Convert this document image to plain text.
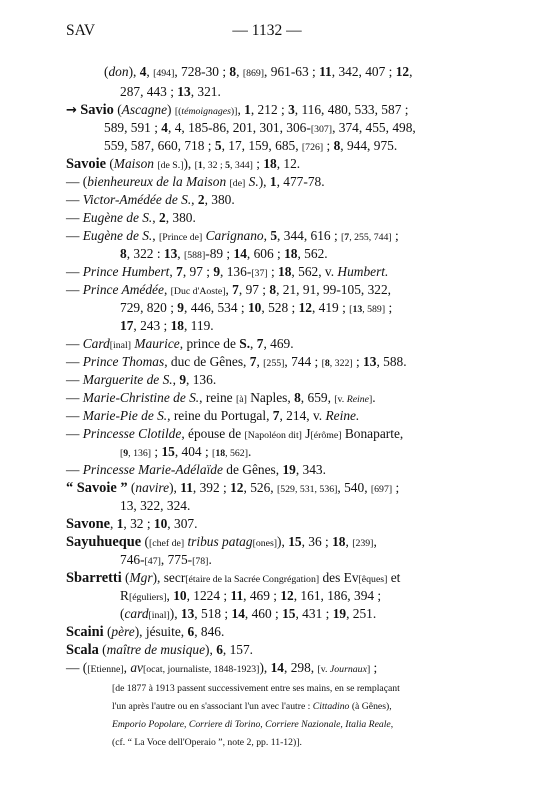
SAV	— 1132 —
(don), 4, [494], 728-30 ; 8, [869], 961-63 ; 11, 342, 407 ; 12,
287, 443 ; 13, 321.
→ Savio (Ascagne) [(témoignages)], 1, 212 ; 3, 116, 480, 533, 587 ;
589, 591 ; 4, 4, 185-86, 201, 301, 306-[307], 374, 455, 498,
559, 587, 660, 718 ; 5, 17, 159, 685, [726] ; 8, 944, 975.
Savoie (Maison [de S.]), [1, 32 ; 5, 344] ; 18, 12.
— (bienheureux de la Maison [de] S.), 1, 477-78.
— Victor-Amédée de S., 2, 380.
— Eugène de S., 2, 380.
— Eugène de S., [Prince de] Carignano, 5, 344, 616 ; [7, 255, 744] ;
8, 322 : 13, [588]-89 ; 14, 606 ; 18, 562.
— Prince Humbert, 7, 97 ; 9, 136-[37] ; 18, 562, v. Humbert.
— Prince Amédée, [Duc d'Aoste], 7, 97 ; 8, 21, 91, 99-105, 322,
729, 820 ; 9, 446, 534 ; 10, 528 ; 12, 419 ; [13, 589] ;
17, 243 ; 18, 119.
— Card[inal] Maurice, prince de S., 7, 469.
— Prince Thomas, duc de Gênes, 7, [255], 744 ; [8, 322] ; 13, 588.
— Marguerite de S., 9, 136.
— Marie-Christine de S., reine [à] Naples, 8, 659, [v. Reine].
— Marie-Pie de S., reine du Portugal, 7, 214, v. Reine.
— Princesse Clotilde, épouse de [Napoléon dit] J[érôme] Bonaparte,
[9, 136] ; 15, 404 ; [18, 562].
— Princesse Marie-Adélaïde de Gênes, 19, 343.
“ Savoie ” (navire), 11, 392 ; 12, 526, [529, 531, 536], 540, [697] ;
13, 322, 324.
Savone, 1, 32 ; 10, 307.
Sayuhueque ([chef de] tribus patag[ones]), 15, 36 ; 18, [239],
746-[47], 775-[78].
Sbarretti (Mgr), secr[étaire de la Sacrée Congrégation] des Ev[êques] et
R[éguliers], 10, 1224 ; 11, 469 ; 12, 161, 186, 394 ;
(card[inal]), 13, 518 ; 14, 460 ; 15, 431 ; 19, 251.
Scaini (père), jésuite, 6, 846.
Scala (maître de musique), 6, 157.
— ([Etienne], av[ocat, journaliste, 1848-1923]), 14, 298, [v. Journaux] ;
[de 1877 à 1913 passent successivement entre ses mains, en se remplaçant
l'un après l'autre ou en s'associant l'un avec l'autre : Cittadino (à Gênes),
Emporio Popolare, Corriere di Torino, Corriere Nazionale, Italia Reale,
(cf. “ La Voce dell'Operaio ”, note 2, pp. 11-12)].
